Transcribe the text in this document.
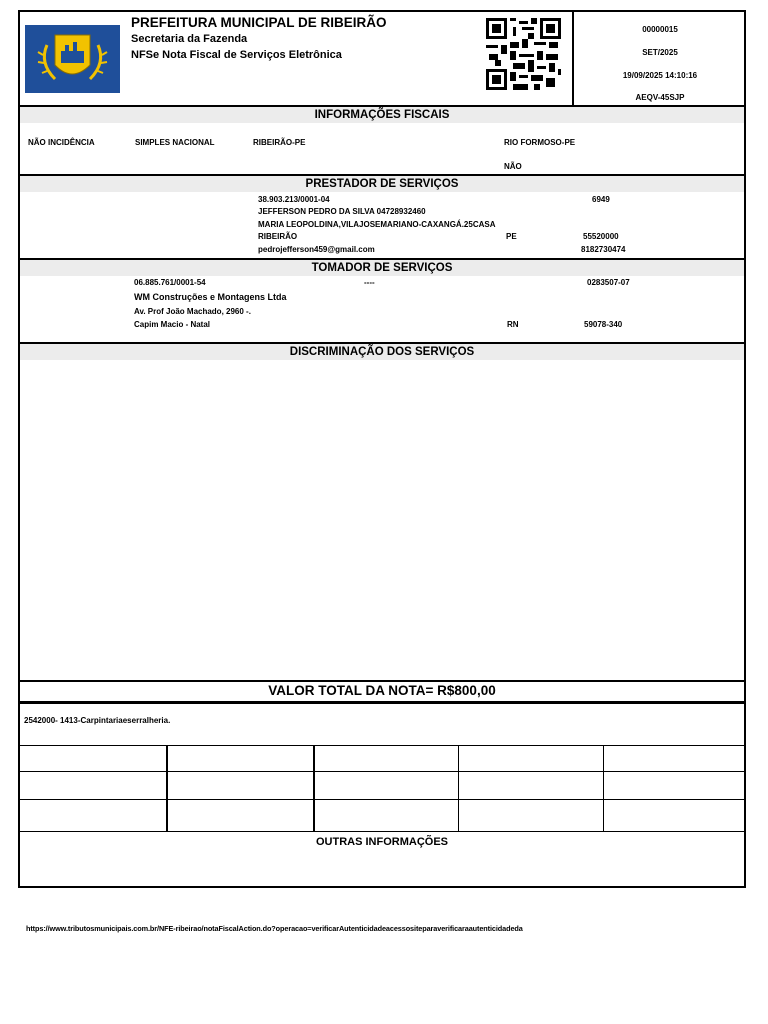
PREFEITURA MUNICIPAL DE RIBEIRÃO
Secretaria da Fazenda
NFSe Nota Fiscal de Serviços Eletrônica
00000015
SET/2025
19/09/2025 14:10:16
AEQV-45SJP
INFORMAÇÕES FISCAIS
NÃO INCIDÊNCIA	SIMPLES NACIONAL	RIBEIRÃO-PE	RIO FORMOSO-PE
NÃO
PRESTADOR DE SERVIÇOS
38.903.213/0001-04	6949
JEFFERSON PEDRO DA SILVA 04728932460
MARIA LEOPOLDINA,VILAJOSEMARIANO-CAXANGÁ.25CASA
RIBEIRÃO	PE	55520000
pedrojefferson459@gmail.com	8182730474
TOMADOR DE SERVIÇOS
06.885.761/0001-54	----	0283507-07
WM Construções e Montagens Ltda
Av. Prof João Machado, 2960 -.
Capim Macio - Natal	RN	59078-340
DISCRIMINAÇÃO DOS SERVIÇOS
VALOR TOTAL DA NOTA= R$800,00
2542000- 1413-Carpintariaeserralheria.
OUTRAS INFORMAÇÕES
https://www.tributosmunicipais.com.br/NFE-ribeirao/notaFiscalAction.do?operacao=verificarAutenticidadeacessositeparaverificaraautenticidadeda
